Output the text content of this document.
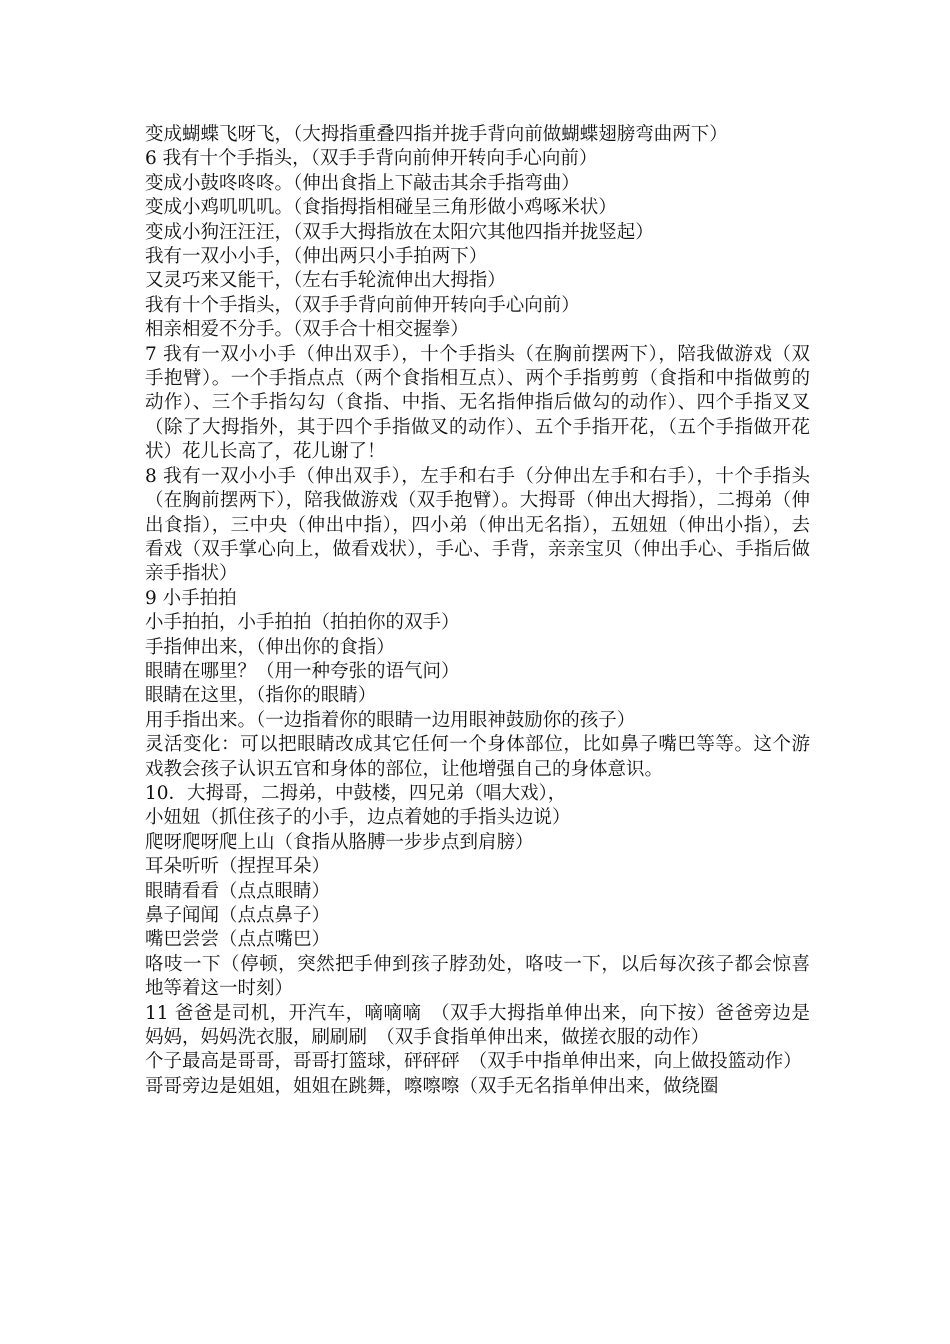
变成蝴蝶飞呀飞，（大拇指重叠四指并拢手背向前做蝴蝶翅膀弯曲两下）

6 我有十个手指头，（双手手背向前伸开转向手心向前）

变成小鼓咚咚咚。（伸出食指上下敲击其余手指弯曲）

变成小鸡叽叽叽。（食指拇指相碰呈三角形做小鸡啄米状）

变成小狗汪汪汪，（双手大拇指放在太阳穴其他四指并拢竖起）

我有一双小小手，（伸出两只小手拍两下）

又灵巧来又能干，（左右手轮流伸出大拇指）

我有十个手指头，（双手手背向前伸开转向手心向前）

相亲相爱不分手。（双手合十相交握拳）

7 我有一双小小手（伸出双手），十个手指头（在胸前摆两下），陪我做游戏（双手抱臂）。一个手指点点（两个食指相互点）、两个手指剪剪（食指和中指做剪的动作）、三个手指勾勾（食指、中指、无名指伸指后做勾的动作）、四个手指叉叉（除了大拇指外，其于四个手指做叉的动作）、五个手指开花，（五个手指做开花状）花儿长高了，花儿谢了！

8 我有一双小小手（伸出双手），左手和右手（分伸出左手和右手），十个手指头（在胸前摆两下），陪我做游戏（双手抱臂）。大拇哥（伸出大拇指），二拇弟（伸出食指），三中央（伸出中指），四小弟（伸出无名指），五妞妞（伸出小指），去看戏（双手掌心向上，做看戏状），手心、手背，亲亲宝贝（伸出手心、手指后做亲手指状）

9 小手拍拍

小手拍拍，小手拍拍（拍拍你的双手）

手指伸出来，（伸出你的食指）

眼睛在哪里？（用一种夸张的语气问）

眼睛在这里，（指你的眼睛）

用手指出来。（一边指着你的眼睛一边用眼神鼓励你的孩子）

灵活变化：可以把眼睛改成其它任何一个身体部位，比如鼻子嘴巴等等。这个游戏教会孩子认识五官和身体的部位，让他增强自己的身体意识。

10．大拇哥，二拇弟，中鼓楼，四兄弟（唱大戏），

小妞妞（抓住孩子的小手，边点着她的手指头边说）

爬呀爬呀爬上山（食指从胳膊一步步点到肩膀）

耳朵听听（捏捏耳朵）

眼睛看看（点点眼睛）

鼻子闻闻（点点鼻子）

嘴巴尝尝（点点嘴巴）

咯吱一下（停顿，突然把手伸到孩子脖劲处，咯吱一下，以后每次孩子都会惊喜地等着这一时刻）

11 爸爸是司机，开汽车，嘀嘀嘀　（双手大拇指单伸出来，向下按）爸爸旁边是妈妈，妈妈洗衣服，刷刷刷　（双手食指单伸出来，做搓衣服的动作）

个子最高是哥哥，哥哥打篮球，砰砰砰　（双手中指单伸出来，向上做投篮动作）

哥哥旁边是姐姐，姐姐在跳舞，嚓嚓嚓（双手无名指单伸出来，做绕圈
